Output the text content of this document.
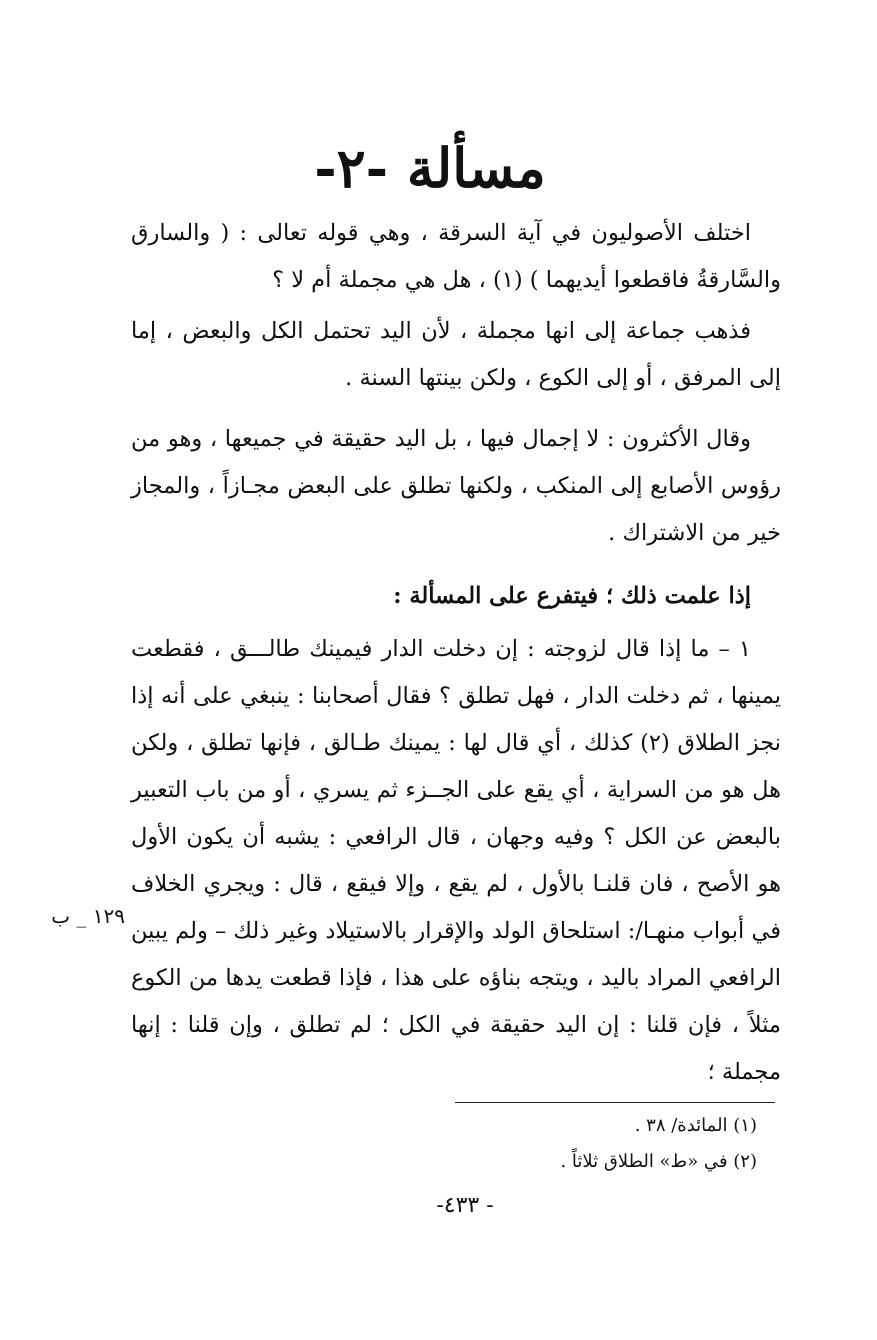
مسألة -٢-

اختلف الأصوليون في آية السرقة ، وهي قوله تعالى : ( والسارق والسَّارقةُ فاقطعوا أيديهما ) (١) ، هل هي مجملة أم لا ؟

فذهب جماعة إلى انها مجملة ، لأن اليد تحتمل الكل والبعض ، إما إلى المرفق ، أو إلى الكوع ، ولكن بينتها السنة .

وقال الأكثرون : لا إجمال فيها ، بل اليد حقيقة في جميعها ، وهو من رؤوس الأصابع إلى المنكب ، ولكنها تطلق على البعض مجـازاً ، والمجاز خير من الاشتراك .

إذا علمت ذلك ؛ فيتفرع على المسألة :

١ – ما إذا قال لزوجته : إن دخلت الدار فيمينك طالـــق ، فقطعت يمينها ، ثم دخلت الدار ، فهل تطلق ؟ فقال أصحابنا : ينبغي على أنه إذا نجز الطلاق (٢) كذلك ، أي قال لها : يمينك طـالق ، فإنها تطلق ، ولكن هل هو من السراية ، أي يقع على الجــزء ثم يسري ، أو من باب التعبير بالبعض عن الكل ؟ وفيه وجهان ، قال الرافعي : يشبه أن يكون الأول هو الأصح ، فان قلنـا بالأول ، لم يقع ، وإلا فيقع ، قال : ويجري الخلاف في أبواب منهـا/: استلحاق الولد والإقرار بالاستيلاد وغير ذلك – ولم يبين الرافعي المراد باليد ، ويتجه بناؤه على هذا ، فإذا قطعت يدها من الكوع مثلاً ، فإن قلنا : إن اليد حقيقة في الكل ؛ لم تطلق ، وإن قلنا : إنها مجملة ؛

١٢٩ _ ب
(١) المائدة/ ٣٨ .
(٢) في «ط» الطلاق ثلاثاً .
- ٤٣٣-
